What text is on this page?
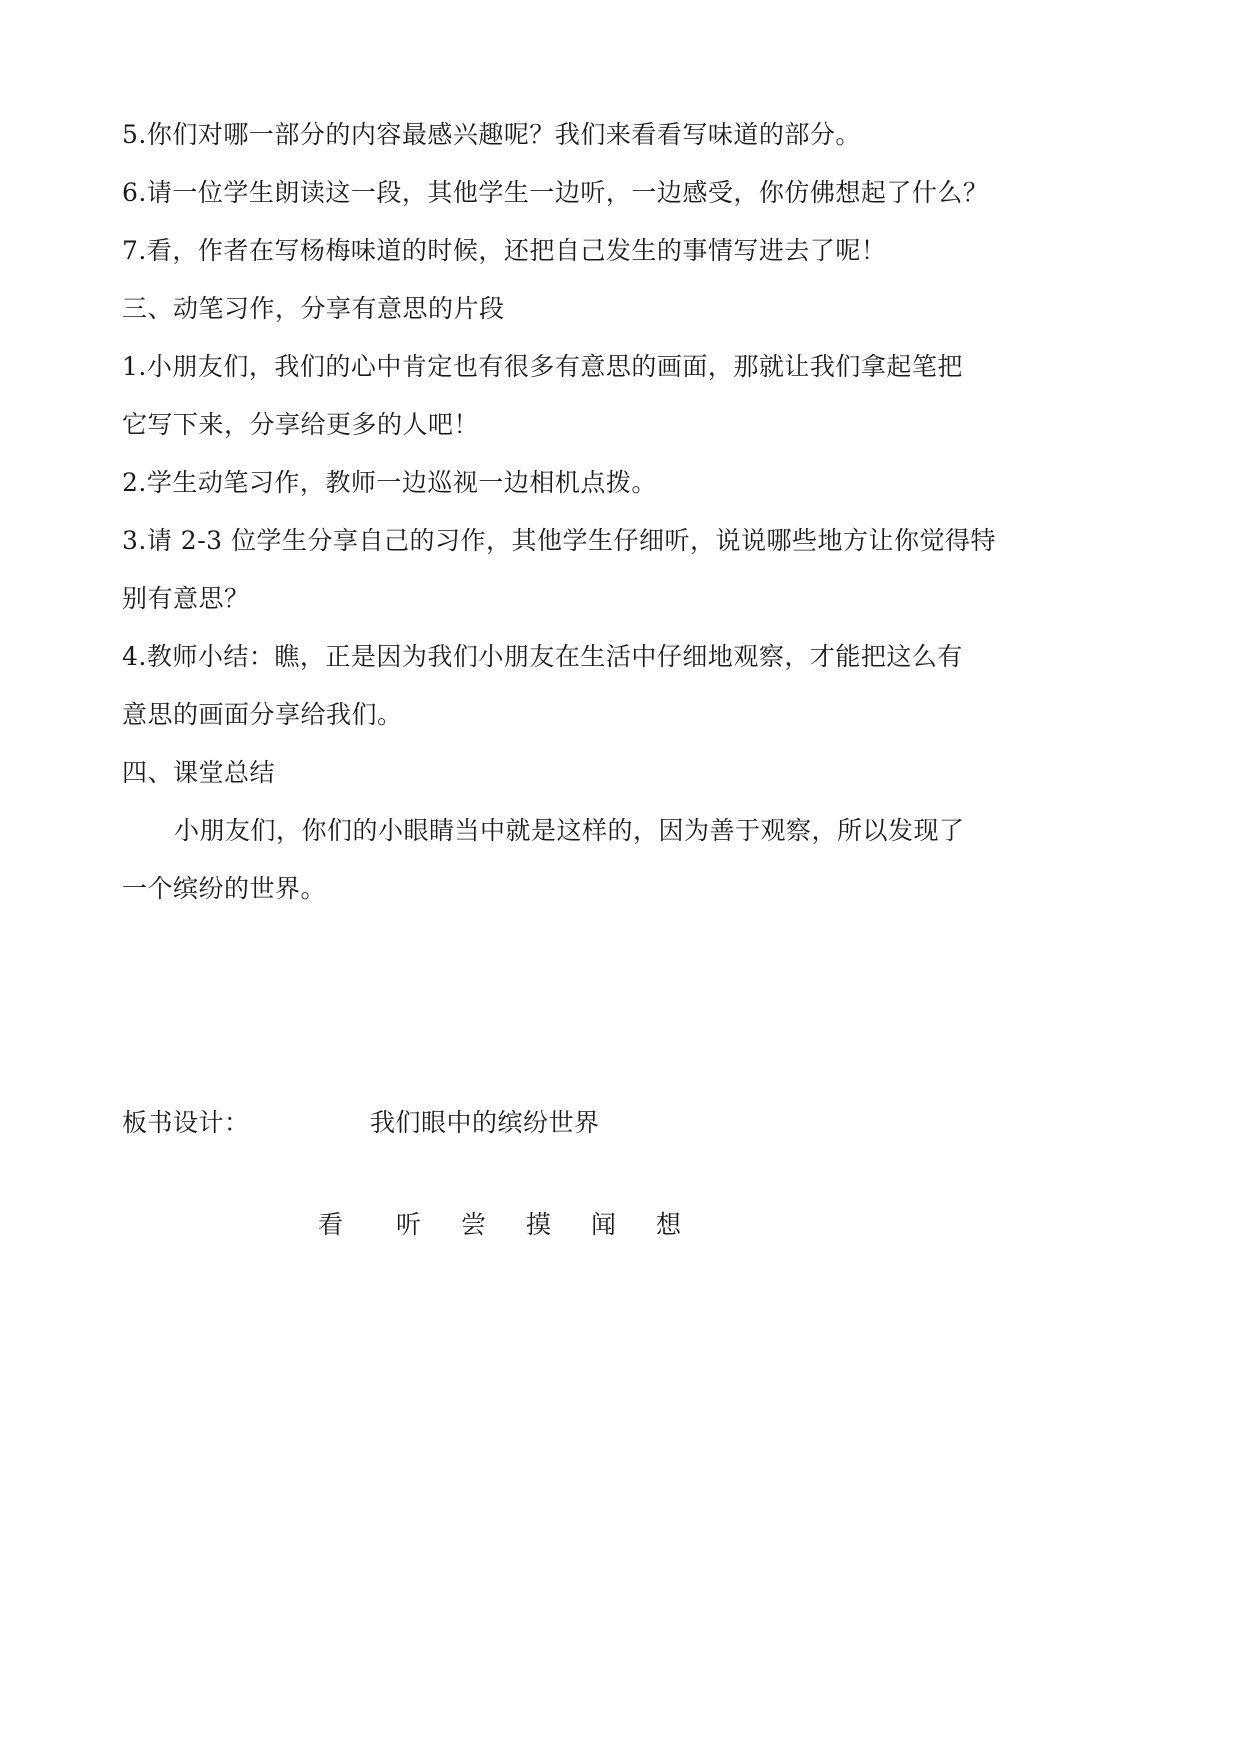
5.你们对哪一部分的内容最感兴趣呢？我们来看看写味道的部分。
6.请一位学生朗读这一段，其他学生一边听，一边感受，你仿佛想起了什么？
7.看，作者在写杨梅味道的时候，还把自己发生的事情写进去了呢！
三、动笔习作，分享有意思的片段
1.小朋友们，我们的心中肯定也有很多有意思的画面，那就让我们拿起笔把
它写下来，分享给更多的人吧！
2.学生动笔习作，教师一边巡视一边相机点拨。
3.请 2-3 位学生分享自己的习作，其他学生仔细听，说说哪些地方让你觉得特
别有意思？
4.教师小结：瞧，正是因为我们小朋友在生活中仔细地观察，才能把这么有
意思的画面分享给我们。
四、课堂总结
小朋友们，你们的小眼睛当中就是这样的，因为善于观察，所以发现了
一个缤纷的世界。
板书设计：	我们眼中的缤纷世界
看 听 尝 摸 闻 想
